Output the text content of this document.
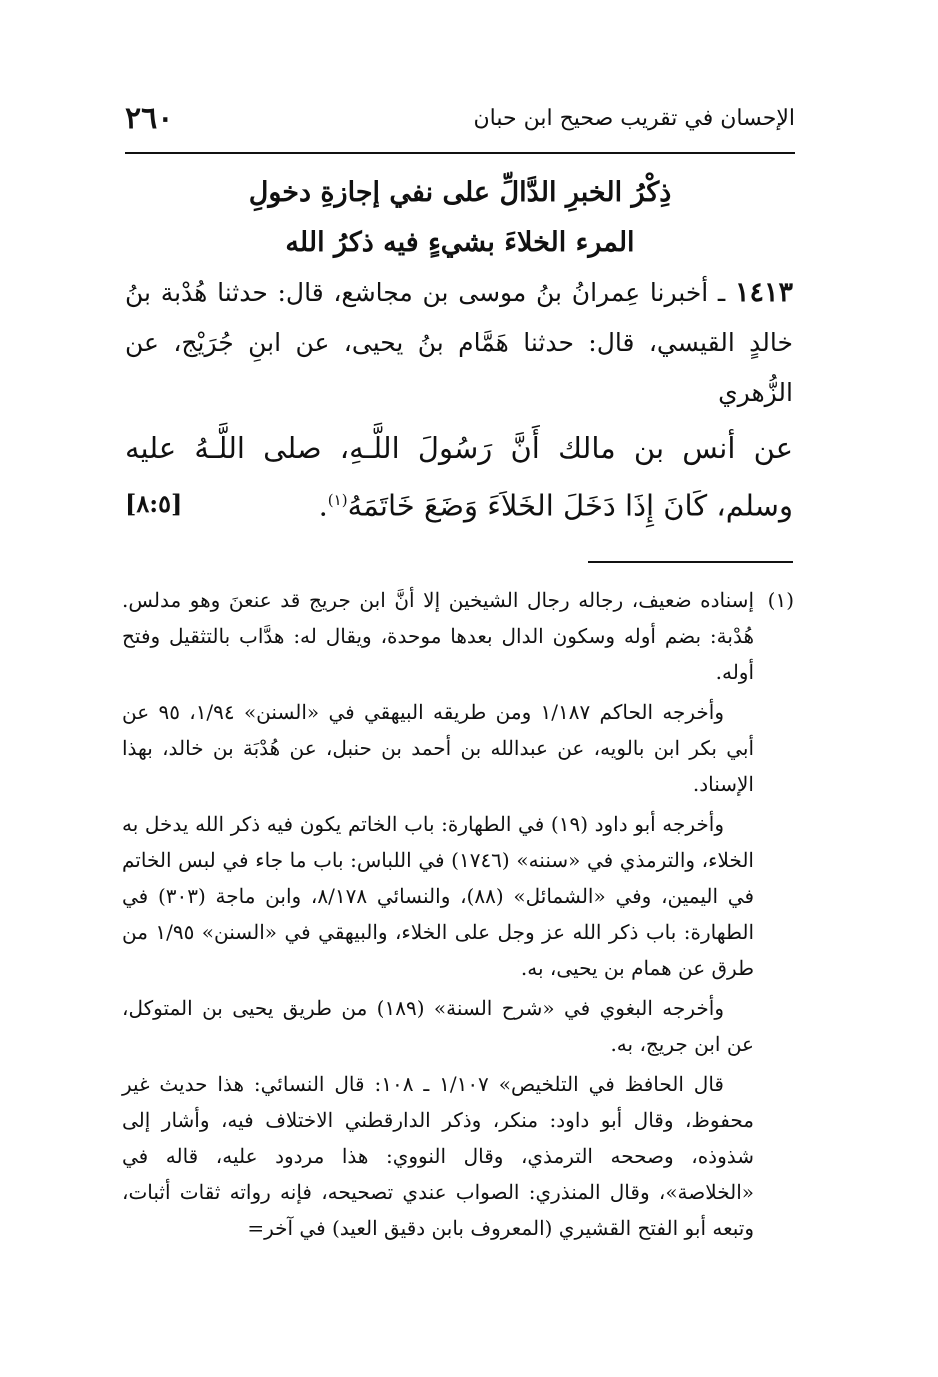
الإحسان في تقريب صحيح ابن حبان
٢٦٠
ذِكْرُ الخبرِ الدَّالِّ على نفي إجازةِ دخولِ
المرء الخلاءَ بشيءٍ فيه ذكرُ الله
١٤١٣ ـ أخبرنا عِمرانُ بنُ موسى بن مجاشع، قال: حدثنا هُدْبة بنُ خالدٍ القيسي، قال: حدثنا هَمَّام بنُ يحيى، عن ابنِ جُرَيْج، عن الزُّهري
عن أنس بن مالك أَنَّ رَسُولَ اللَّـهِ، صلى اللَّـهُ عليه وسلم، كَانَ إِذَا دَخَلَ الخَلاَءَ وَضَعَ خَاتَمَهُ$^{(١)}$.
[٨:٥]
(١)

إسناده ضعيف، رجاله رجال الشيخين إلا أنَّ ابن جريج قد عنعنَ وهو مدلس. هُدْبة: بضم أوله وسكون الدال بعدها موحدة، ويقال له: هدَّاب بالتثقيل وفتح أوله.

وأخرجه الحاكم ١/١٨٧ ومن طريقه البيهقي في «السنن» ١/٩٤، ٩٥ عن أبي بكر ابن بالويه، عن عبدالله بن أحمد بن حنبل، عن هُدْبَة بن خالد، بهذا الإسناد.

وأخرجه أبو داود (١٩) في الطهارة: باب الخاتم يكون فيه ذكر الله يدخل به الخلاء، والترمذي في «سننه» (١٧٤٦) في اللباس: باب ما جاء في لبس الخاتم في اليمين، وفي «الشمائل» (٨٨)، والنسائي ٨/١٧٨، وابن ماجة (٣٠٣) في الطهارة: باب ذكر الله عز وجل على الخلاء، والبيهقي في «السنن» ١/٩٥ من طرق عن همام بن يحيى، به.

وأخرجه البغوي في «شرح السنة» (١٨٩) من طريق يحيى بن المتوكل، عن ابن جريج، به.

قال الحافظ في التلخيص» ١/١٠٧ ـ ١٠٨: قال النسائي: هذا حديث غير محفوظ، وقال أبو داود: منكر، وذكر الدارقطني الاختلاف فيه، وأشار إلى شذوذه، وصححه الترمذي، وقال النووي: هذا مردود عليه، قاله في «الخلاصة»، وقال المنذري: الصواب عندي تصحيحه، فإنه رواته ثقات أثبات، وتبعه أبو الفتح القشيري (المعروف بابن دقيق العيد) في آخر=
